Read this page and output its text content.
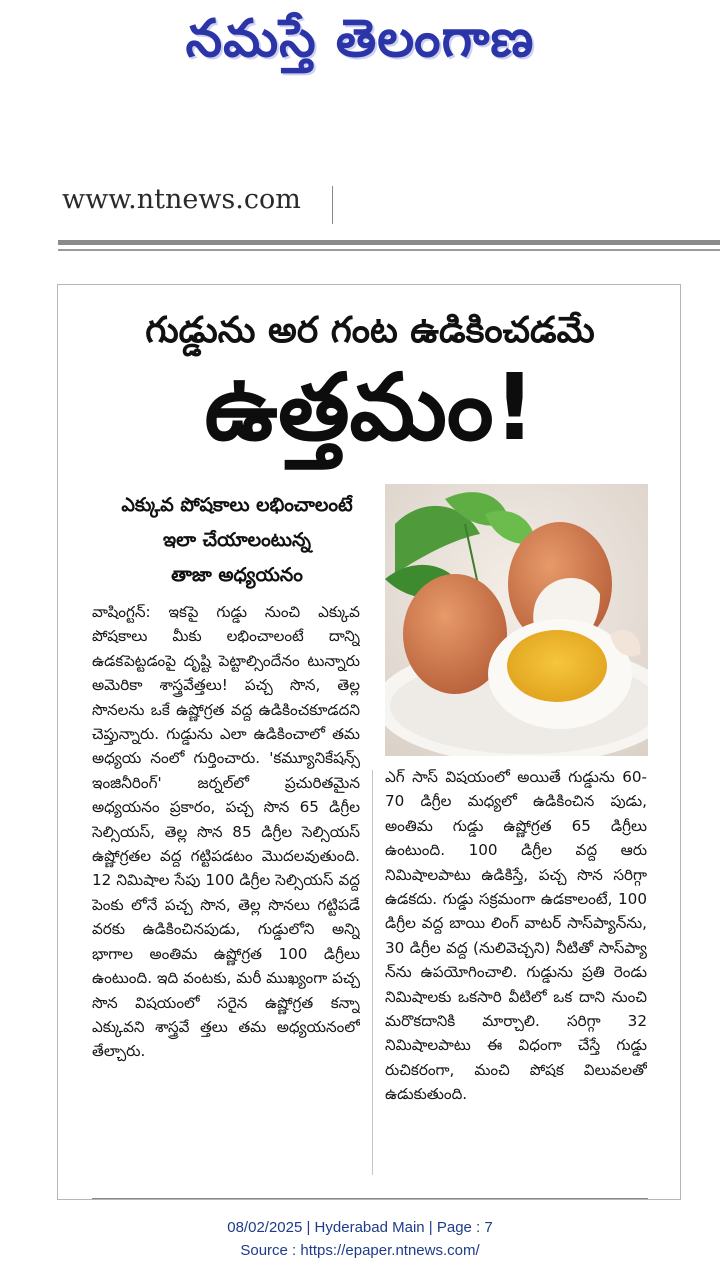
నమస్తే తెలంగాణ
www.ntnews.com
గుడ్డును అర గంట ఉడికించడమే
ఉత్తమం!
ఎక్కువ పోషకాలు లభించాలంటే
ఇలా చేయాలంటున్న
తాజా అధ్యయనం
వాషింగ్టన్: ఇకపై గుడ్డు నుంచి ఎక్కువ పోషకాలు మీకు లభించాలంటే దాన్ని ఉడకపెట్టడంపై దృష్టి పెట్టాల్సిందేనం టున్నారు అమెరికా శాస్త్రవేత్తలు! పచ్చ సొన, తెల్ల సొనలను ఒకే ఉష్ణోగ్రత వద్ద ఉడికించకూడదని చెప్తున్నారు. గుడ్డును ఎలా ఉడికించాలో తమ అధ్యయ నంలో గుర్తించారు. 'కమ్యూనికేషన్స్ ఇంజినీరింగ్' జర్నల్‌లో ప్రచురితమైన అధ్యయనం ప్రకారం, పచ్చ సొన 65 డిగ్రీల సెల్సియస్, తెల్ల సొన 85 డిగ్రీల సెల్సియస్ ఉష్ణోగ్రతల వద్ద గట్టిపడటం మొదలవుతుంది. 12 నిమిషాల సేపు 100 డిగ్రీల సెల్సియస్ వద్ద పెంకు లోనే పచ్చ సొన, తెల్ల సొనలు గట్టిపడే వరకు ఉడికించినపుడు, గుడ్డులోని అన్ని భాగాల అంతిమ ఉష్ణోగ్రత 100 డిగ్రీలు ఉంటుంది. ఇది వంటకు, మరీ ముఖ్యంగా పచ్చ సొన విషయంలో సరైన ఉష్ణోగ్రత కన్నా ఎక్కువని శాస్త్రవే త్తలు తమ అధ్యయనంలో తేల్చారు.
ఎగ్ సాస్ విషయంలో అయితే గుడ్డును 60-70 డిగ్రీల మధ్యలో ఉడికించిన పుడు, అంతిమ గుడ్డు ఉష్ణోగ్రత 65 డిగ్రీలు ఉంటుంది. 100 డిగ్రీల వద్ద ఆరు నిమిషాలపాటు ఉడికిస్తే, పచ్చ సొన సరిగ్గా ఉడకదు. గుడ్డు సక్రమంగా ఉడకాలంటే, 100 డిగ్రీల వద్ద బాయి లింగ్ వాటర్ సాస్‌ప్యాన్‌ను, 30 డిగ్రీల వద్ద (నులివెచ్చని) నీటితో సాస్‌ప్యా న్‌ను ఉపయోగించాలి. గుడ్డును ప్రతి రెండు నిమిషాలకు ఒకసారి వీటిలో ఒక దాని నుంచి మరొకదానికి మార్చాలి. సరిగ్గా 32 నిమిషాలపాటు ఈ విధంగా చేస్తే గుడ్డు రుచికరంగా, మంచి పోషక విలువలతో ఉడుకుతుంది.
08/02/2025 | Hyderabad Main | Page : 7
Source : https://epaper.ntnews.com/
